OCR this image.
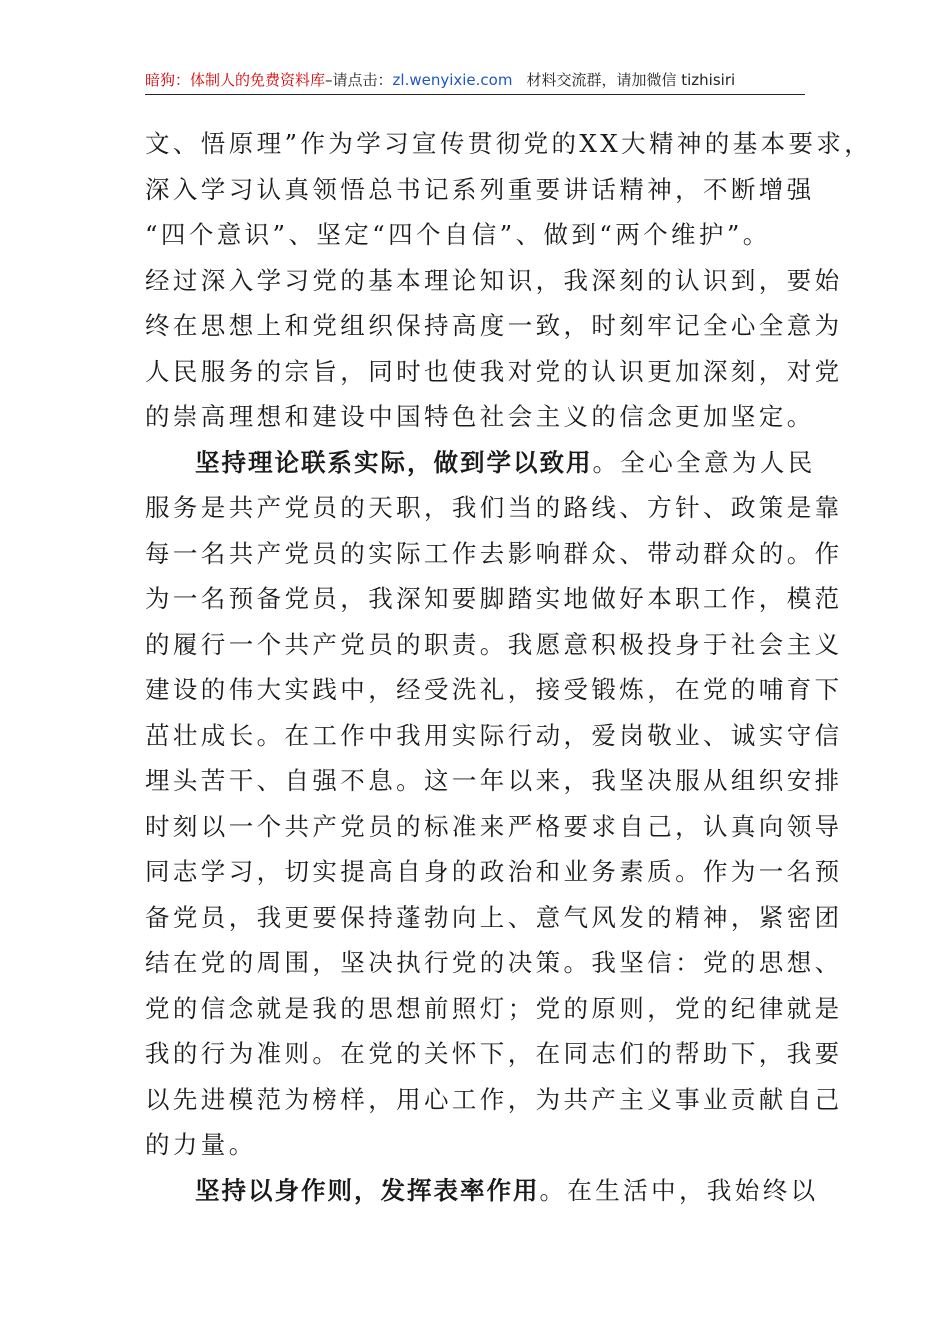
暗狗：体制人的免费资料库–请点击：zl.wenyixie.com 材料交流群，请加微信 tizhisiri
文、悟原理”作为学习宣传贯彻党的XX大精神的基本要求，
深入学习认真领悟总书记系列重要讲话精神，不断增强
“四个意识”、坚定“四个自信”、做到“两个维护”。
经过深入学习党的基本理论知识，我深刻的认识到，要始
终在思想上和党组织保持高度一致，时刻牢记全心全意为
人民服务的宗旨，同时也使我对党的认识更加深刻，对党
的崇高理想和建设中国特色社会主义的信念更加坚定。
坚持理论联系实际，做到学以致用。全心全意为人民
服务是共产党员的天职，我们当的路线、方针、政策是靠
每一名共产党员的实际工作去影响群众、带动群众的。作
为一名预备党员，我深知要脚踏实地做好本职工作，模范
的履行一个共产党员的职责。我愿意积极投身于社会主义
建设的伟大实践中，经受洗礼，接受锻炼，在党的哺育下
茁壮成长。在工作中我用实际行动，爱岗敬业、诚实守信
埋头苦干、自强不息。这一年以来，我坚决服从组织安排
时刻以一个共产党员的标准来严格要求自己，认真向领导
同志学习，切实提高自身的政治和业务素质。作为一名预
备党员，我更要保持蓬勃向上、意气风发的精神，紧密团
结在党的周围，坚决执行党的决策。我坚信：党的思想、
党的信念就是我的思想前照灯；党的原则，党的纪律就是
我的行为准则。在党的关怀下，在同志们的帮助下，我要
以先进模范为榜样，用心工作，为共产主义事业贡献自己
的力量。
坚持以身作则，发挥表率作用。在生活中，我始终以
